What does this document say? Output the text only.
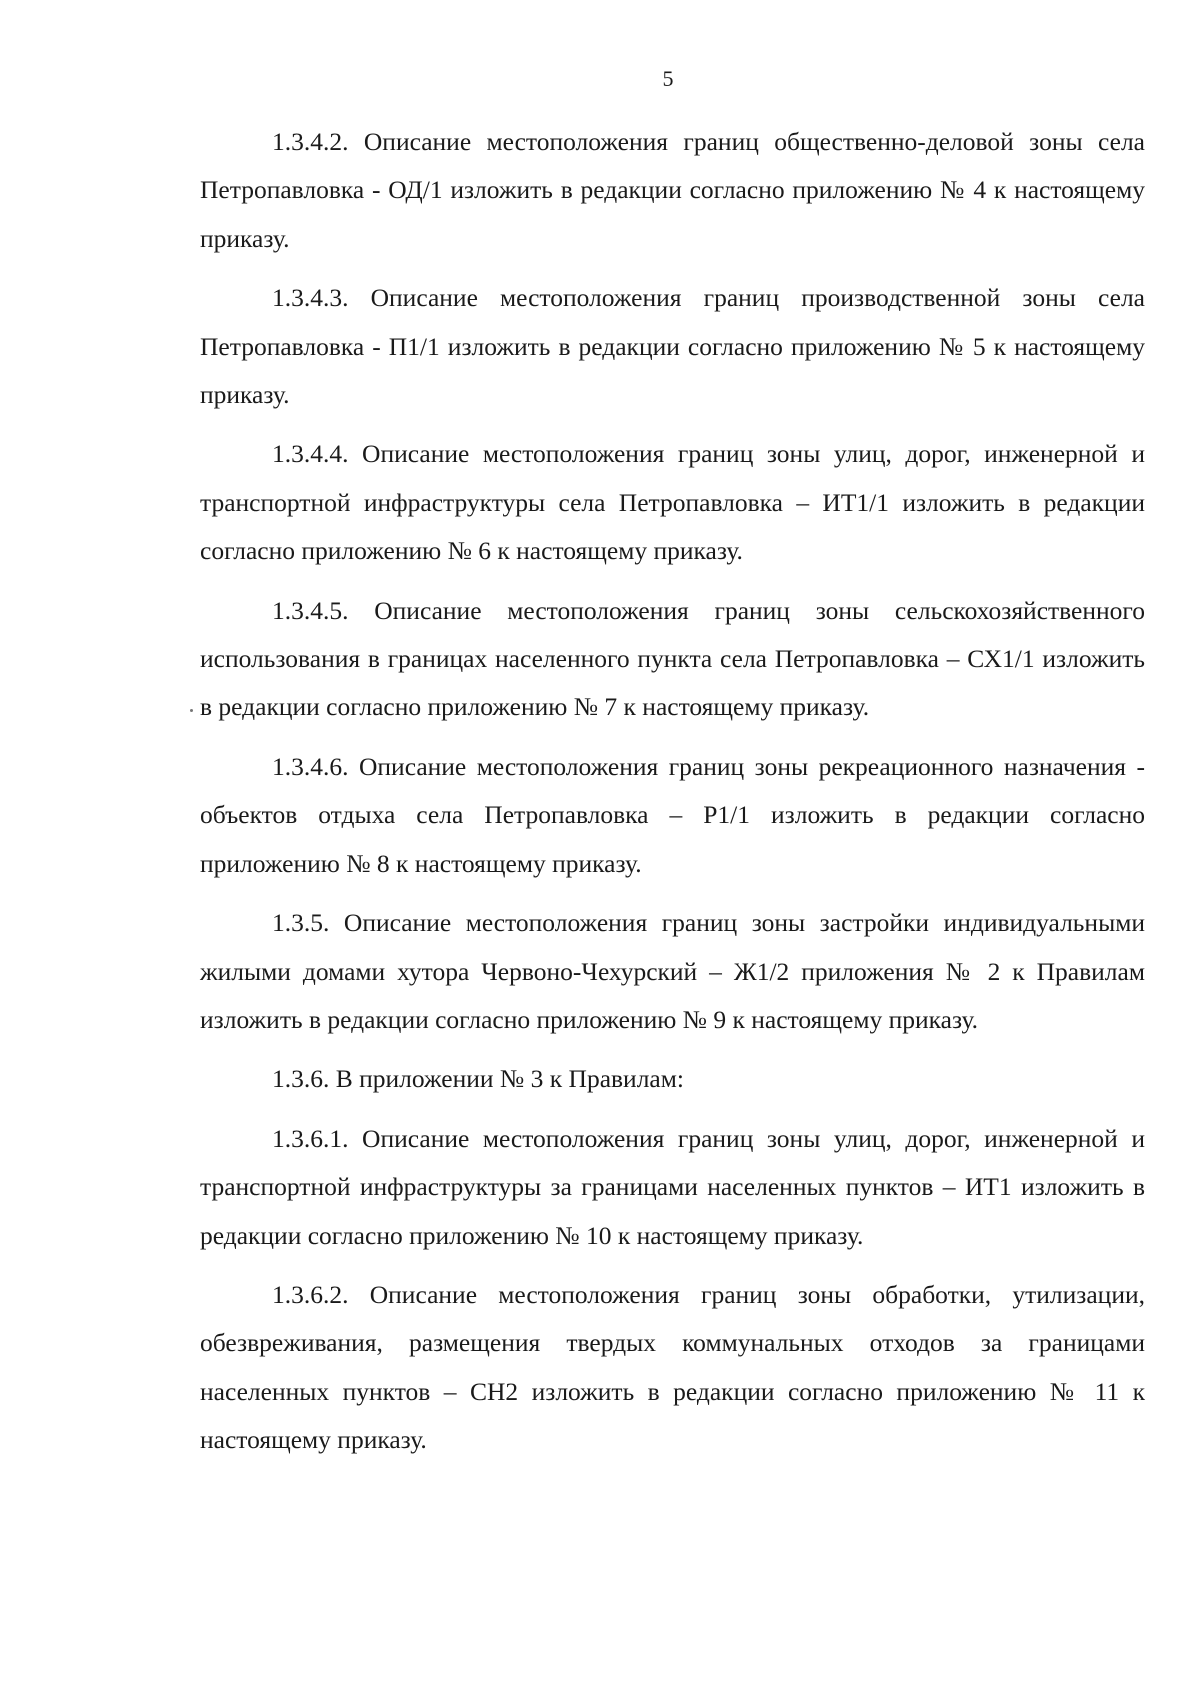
5

1.3.4.2. Описание местоположения границ общественно-деловой зоны села Петропавловка - ОД/1 изложить в редакции согласно приложению № 4 к настоящему приказу.

1.3.4.3. Описание местоположения границ производственной зоны села Петропавловка - П1/1 изложить в редакции согласно приложению № 5 к настоящему приказу.

1.3.4.4. Описание местоположения границ зоны улиц, дорог, инженерной и транспортной инфраструктуры села Петропавловка – ИТ1/1 изложить в редакции согласно приложению № 6 к настоящему приказу.

1.3.4.5. Описание местоположения границ зоны сельскохозяйственного использования в границах населенного пункта села Петропавловка – СХ1/1 изложить в редакции согласно приложению № 7 к настоящему приказу.

1.3.4.6. Описание местоположения границ зоны рекреационного назначения - объектов отдыха села Петропавловка – Р1/1 изложить в редакции согласно приложению № 8 к настоящему приказу.

1.3.5. Описание местоположения границ зоны застройки индивидуальными жилыми домами хутора Червоно-Чехурский – Ж1/2 приложения № 2 к Правилам изложить в редакции согласно приложению № 9 к настоящему приказу.

1.3.6. В приложении № 3 к Правилам:

1.3.6.1. Описание местоположения границ зоны улиц, дорог, инженерной и транспортной инфраструктуры за границами населенных пунктов – ИТ1 изложить в редакции согласно приложению № 10 к настоящему приказу.

1.3.6.2. Описание местоположения границ зоны обработки, утилизации, обезвреживания, размещения твердых коммунальных отходов за границами населенных пунктов – СН2 изложить в редакции согласно приложению № 11 к настоящему приказу.
